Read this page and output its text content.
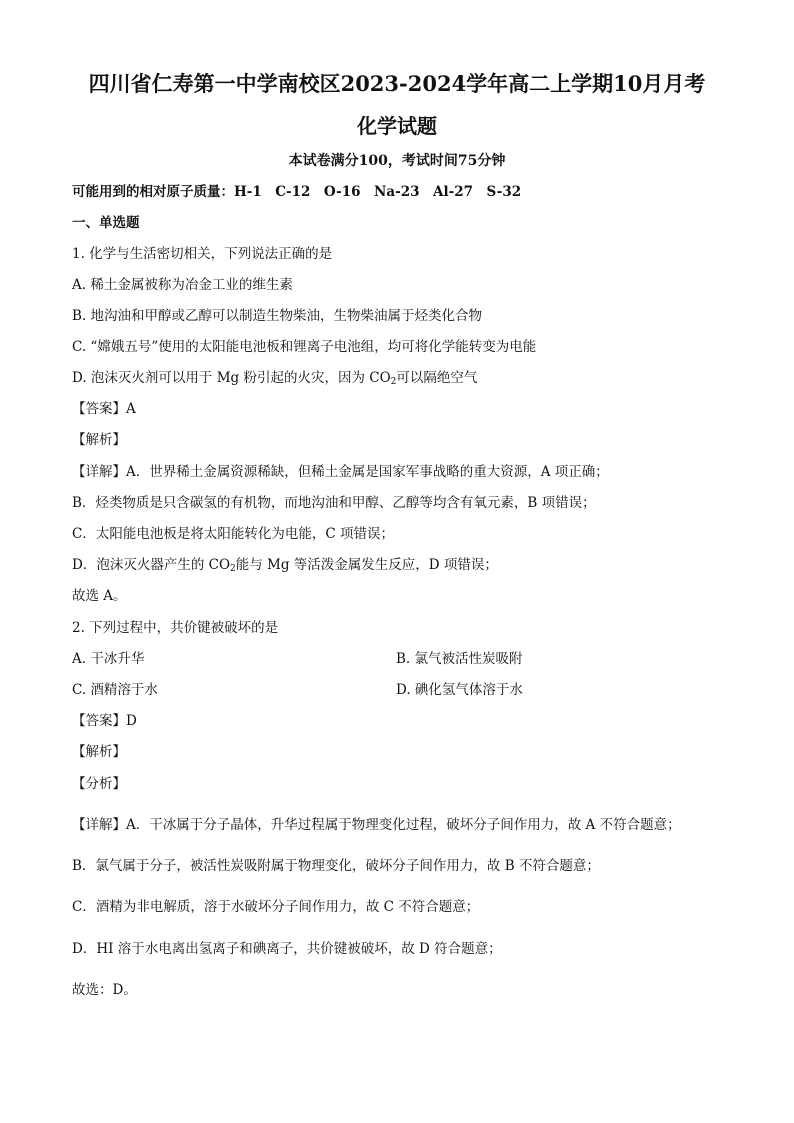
四川省仁寿第一中学南校区2023-2024学年高二上学期10月月考
化学试题
本试卷满分100，考试时间75分钟
可能用到的相对原子质量：H-1　C-12　O-16　Na-23　Al-27　S-32
一、单选题
1. 化学与生活密切相关，下列说法正确的是
A. 稀土金属被称为冶金工业的维生素
B. 地沟油和甲醇或乙醇可以制造生物柴油，生物柴油属于烃类化合物
C. “嫦娥五号”使用的太阳能电池板和锂离子电池组，均可将化学能转变为电能
D. 泡沫灭火剂可以用于 Mg 粉引起的火灾，因为 $CO_2$可以隔绝空气
【答案】A
【解析】
【详解】A．世界稀土金属资源稀缺，但稀土金属是国家军事战略的重大资源，A 项正确；
B．烃类物质是只含碳氢的有机物，而地沟油和甲醇、乙醇等均含有氧元素，B 项错误；
C．太阳能电池板是将太阳能转化为电能，C 项错误；
D．泡沫灭火器产生的 $CO_2$能与 Mg 等活泼金属发生反应，D 项错误；
故选 A。
2. 下列过程中，共价键被破坏的是
A. 干冰升华	B. 氯气被活性炭吸附
C. 酒精溶于水	D. 碘化氢气体溶于水
【答案】D
【解析】
【分析】
【详解】A．干冰属于分子晶体，升华过程属于物理变化过程，破坏分子间作用力，故 A 不符合题意；
B．氯气属于分子，被活性炭吸附属于物理变化，破坏分子间作用力，故 B 不符合题意；
C．酒精为非电解质，溶于水破坏分子间作用力，故 C 不符合题意；
D．HI 溶于水电离出氢离子和碘离子，共价键被破坏，故 D 符合题意；
故选：D。
